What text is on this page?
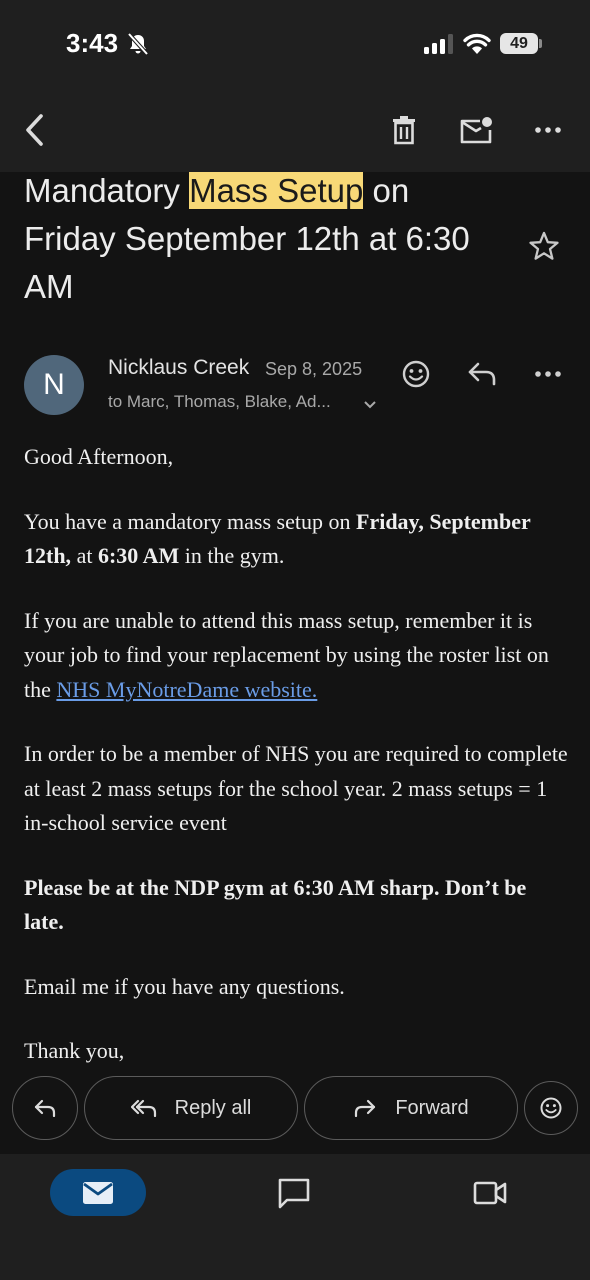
3:43	49
Mandatory Mass Setup on Friday September 12th at 6:30 AM
N
Nicklaus Creek Sep 8, 2025
to Marc, Thomas, Blake, Ad...

Good Afternoon,

You have a mandatory mass setup on Friday, September 12th, at 6:30 AM in the gym.

If you are unable to attend this mass setup, remember it is your job to find your replacement by using the roster list on the NHS MyNotreDame website.

In order to be a member of NHS you are required to complete at least 2 mass setups for the school year. 2 mass setups = 1 in-school service event

Please be at the NDP gym at 6:30 AM sharp. Don’t be late.

Email me if you have any questions.

Thank you,

Reply all	Forward
